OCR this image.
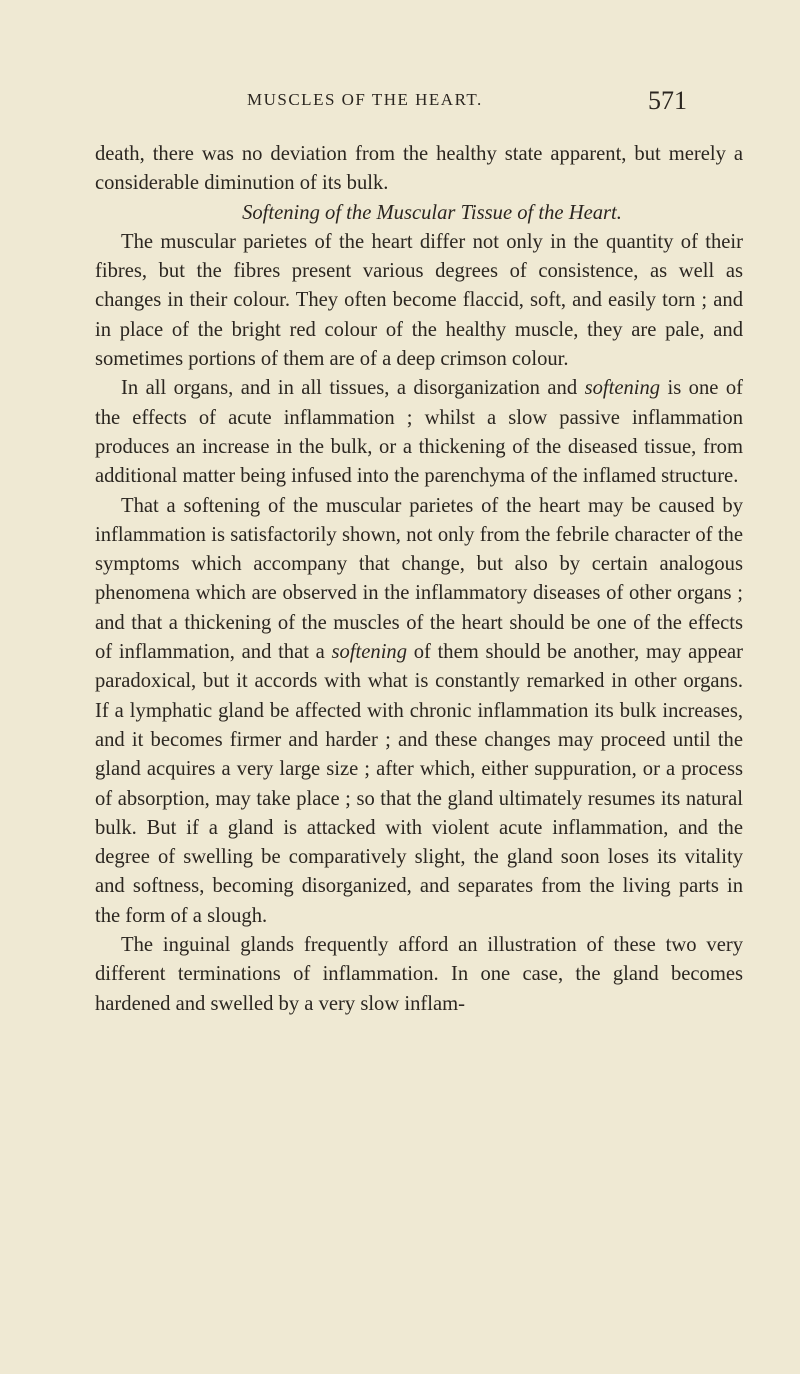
MUSCLES OF THE HEART.	571

death, there was no deviation from the healthy state apparent, but merely a considerable diminution of its bulk.

Softening of the Muscular Tissue of the Heart.

The muscular parietes of the heart differ not only in the quantity of their fibres, but the fibres present various degrees of consistence, as well as changes in their colour. They often become flaccid, soft, and easily torn ; and in place of the bright red colour of the healthy muscle, they are pale, and sometimes portions of them are of a deep crimson colour.

In all organs, and in all tissues, a disorganization and softening is one of the effects of acute inflammation ; whilst a slow passive inflammation produces an increase in the bulk, or a thickening of the diseased tissue, from additional matter being infused into the parenchyma of the inflamed structure.

That a softening of the muscular parietes of the heart may be caused by inflammation is satisfactorily shown, not only from the febrile character of the symptoms which accompany that change, but also by certain analogous phenomena which are observed in the inflammatory diseases of other organs ; and that a thickening of the muscles of the heart should be one of the effects of inflammation, and that a softening of them should be another, may appear paradoxical, but it accords with what is constantly remarked in other organs. If a lymphatic gland be affected with chronic inflammation its bulk increases, and it becomes firmer and harder ; and these changes may proceed until the gland acquires a very large size ; after which, either suppuration, or a process of absorption, may take place ; so that the gland ultimately resumes its natural bulk. But if a gland is attacked with violent acute inflammation, and the degree of swelling be comparatively slight, the gland soon loses its vitality and softness, becoming disorganized, and separates from the living parts in the form of a slough.

The inguinal glands frequently afford an illustration of these two very different terminations of inflammation. In one case, the gland becomes hardened and swelled by a very slow inflam-
